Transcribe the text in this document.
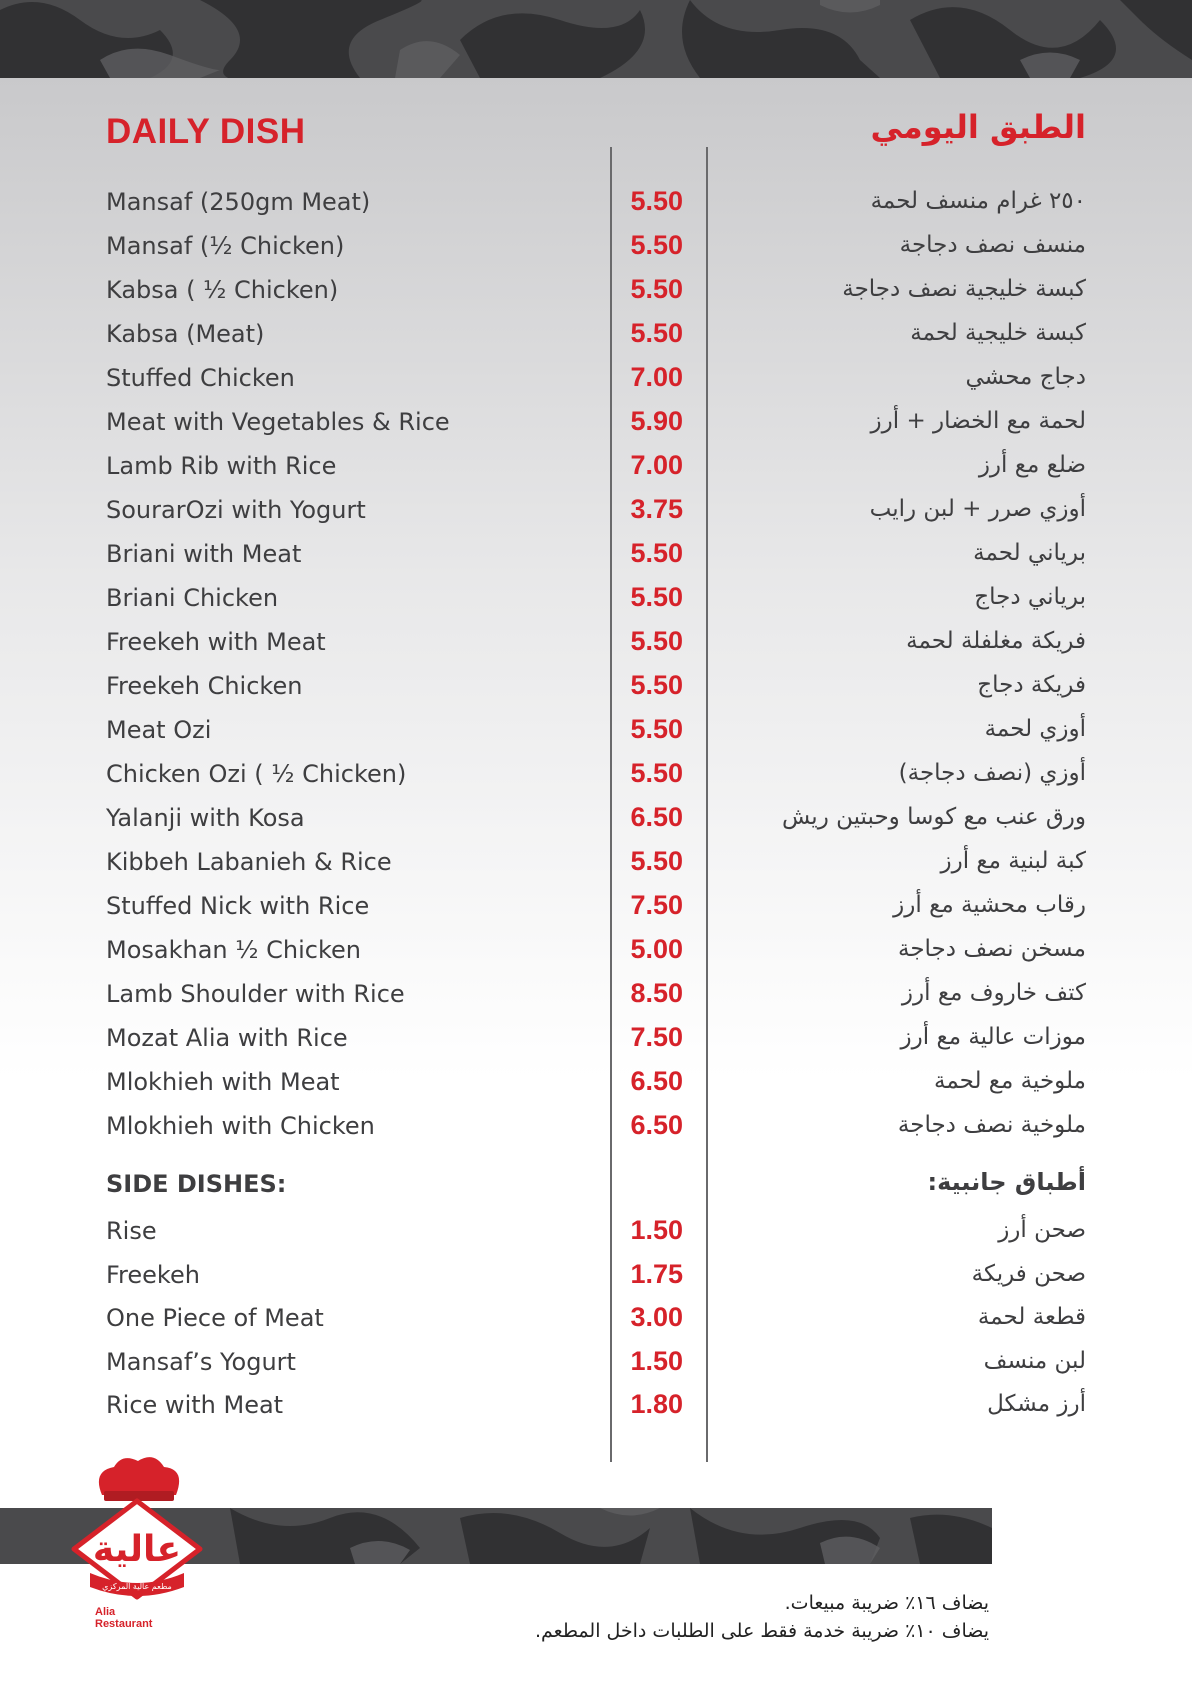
DAILY DISH	الطبق اليومي
Mansaf (250gm Meat)	5.50	٢٥٠ غرام منسف لحمة
Mansaf (½ Chicken)	5.50	منسف نصف دجاجة
Kabsa ( ½ Chicken)	5.50	كبسة خليجية نصف دجاجة
Kabsa (Meat)	5.50	كبسة خليجية لحمة
Stuffed Chicken	7.00	دجاج محشي
Meat with Vegetables & Rice	5.90	لحمة مع الخضار + أرز
Lamb Rib with Rice	7.00	ضلع مع أرز
SourarOzi with Yogurt	3.75	أوزي صرر + لبن رايب
Briani with Meat	5.50	برياني لحمة
Briani Chicken	5.50	برياني دجاج
Freekeh with Meat	5.50	فريكة مغلفلة لحمة
Freekeh Chicken	5.50	فريكة دجاج
Meat Ozi	5.50	أوزي لحمة
Chicken Ozi ( ½ Chicken)	5.50	أوزي (نصف دجاجة)
Yalanji with Kosa	6.50	ورق عنب مع كوسا وحبتين ريش
Kibbeh Labanieh & Rice	5.50	كبة لبنية مع أرز
Stuffed Nick with Rice	7.50	رقاب محشية مع أرز
Mosakhan ½ Chicken	5.00	مسخن نصف دجاجة
Lamb Shoulder with Rice	8.50	كتف خاروف مع أرز
Mozat Alia with Rice	7.50	موزات عالية مع أرز
Mlokhieh with Meat	6.50	ملوخية مع لحمة
Mlokhieh with Chicken	6.50	ملوخية نصف دجاجة
SIDE DISHES:	أطباق جانبية:
Rise	1.50	صحن أرز
Freekeh	1.75	صحن فريكة
One Piece of Meat	3.00	قطعة لحمة
Mansaf’s Yogurt	1.50	لبن منسف
Rice with Meat	1.80	أرز مشكل
عالية
مطعم عالية المركزي
Alia
Restaurant
يضاف ١٦٪ ضريبة مبيعات.
يضاف ١٠٪ ضريبة خدمة فقط على الطلبات داخل المطعم.
